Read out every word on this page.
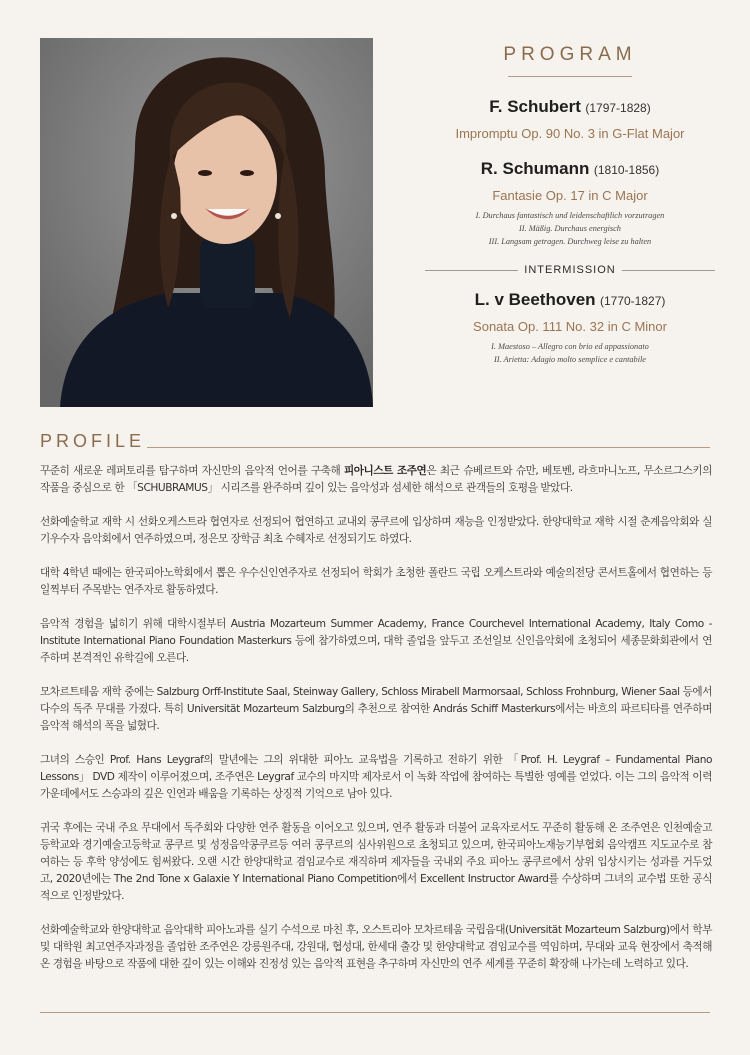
PROGRAM
F. Schubert (1797-1828)
Impromptu Op. 90 No. 3 in G-Flat Major
R. Schumann (1810-1856)
Fantasie Op. 17 in C Major
I. Durchaus fantastisch und leidenschaftlich vorzutragen
II. Mäßig. Durchaus energisch
III. Langsam getragen. Durchweg leise zu halten
INTERMISSION
L. v Beethoven (1770-1827)
Sonata Op. 111 No. 32 in C Minor
I. Maestoso – Allegro con brio ed appassionato
II. Arietta: Adagio molto semplice e cantabile
PROFILE

꾸준히 새로운 레퍼토리를 탐구하며 자신만의 음악적 언어를 구축해 피아니스트 조주연은 최근 슈베르트와 슈만, 베토벤, 라흐마니노프, 무소르그스키의 작품을 중심으로 한 「SCHUBRAMUS」 시리즈를 완주하며 깊이 있는 음악성과 섬세한 해석으로 관객들의 호평을 받았다.

선화예술학교 재학 시 선화오케스트라 협연자로 선정되어 협연하고 교내외 콩쿠르에 입상하며 재능을 인정받았다. 한양대학교 재학 시절 춘계음악회와 실기우수자 음악회에서 연주하였으며, 정은모 장학금 최초 수혜자로 선정되기도 하였다.

대학 4학년 때에는 한국피아노학회에서 뽑은 우수신인연주자로 선정되어 학회가 초청한 폴란드 국립 오케스트라와 예술의전당 콘서트홀에서 협연하는 등 일찍부터 주목받는 연주자로 활동하였다.

음악적 경험을 넓히기 위해 대학시절부터 Austria Mozarteum Summer Academy, France Courchevel International Academy, Italy Como -Institute International Piano Foundation Masterkurs 등에 참가하였으며, 대학 졸업을 앞두고 조선일보 신인음악회에 초청되어 세종문화회관에서 연주하며 본격적인 유학길에 오른다.

모차르트테움 재학 중에는 Salzburg Orff-Institute Saal, Steinway Gallery, Schloss Mirabell Marmorsaal, Schloss Frohnburg, Wiener Saal 등에서 다수의 독주 무대를 가졌다. 특히 Universität Mozarteum Salzburg의 추천으로 참여한 András Schiff Masterkurs에서는 바흐의 파르티타를 연주하며 음악적 해석의 폭을 넓혔다.

그녀의 스승인 Prof. Hans Leygraf의 말년에는 그의 위대한 피아노 교육법을 기록하고 전하기 위한 「Prof. H. Leygraf – Fundamental Piano Lessons」 DVD 제작이 이루어졌으며, 조주연은 Leygraf 교수의 마지막 제자로서 이 녹화 작업에 참여하는 특별한 영예를 얻었다. 이는 그의 음악적 이력 가운데에서도 스승과의 깊은 인연과 배움을 기록하는 상징적 기억으로 남아 있다.

귀국 후에는 국내 주요 무대에서 독주회와 다양한 연주 활동을 이어오고 있으며, 연주 활동과 더불어 교육자로서도 꾸준히 활동해 온 조주연은 인천예술고등학교와 경기예술고등학교 콩쿠르 및 성정음악콩쿠르등 여러 콩쿠르의 심사위원으로 초청되고 있으며, 한국피아노재능기부협회 음악캠프 지도교수로 참여하는 등 후학 양성에도 힘써왔다. 오랜 시간 한양대학교 겸임교수로 재직하며 제자들을 국내외 주요 피아노 콩쿠르에서 상위 입상시키는 성과를 거두었고, 2020년에는 The 2nd Tone x Galaxie Y International Piano Competition에서 Excellent Instructor Award를 수상하며 그녀의 교수법 또한 공식적으로 인정받았다.

선화예술학교와 한양대학교 음악대학 피아노과를 실기 수석으로 마친 후, 오스트리아 모차르테움 국립음대(Universität Mozarteum Salzburg)에서 학부 및 대학원 최고연주자과정을 졸업한 조주연은 강릉원주대, 강원대, 협성대, 한세대 출강 및 한양대학교 겸임교수를 역임하며, 무대와 교육 현장에서 축적해 온 경험을 바탕으로 작품에 대한 깊이 있는 이해와 진정성 있는 음악적 표현을 추구하며 자신만의 연주 세계를 꾸준히 확장해 나가는데 노력하고 있다.
